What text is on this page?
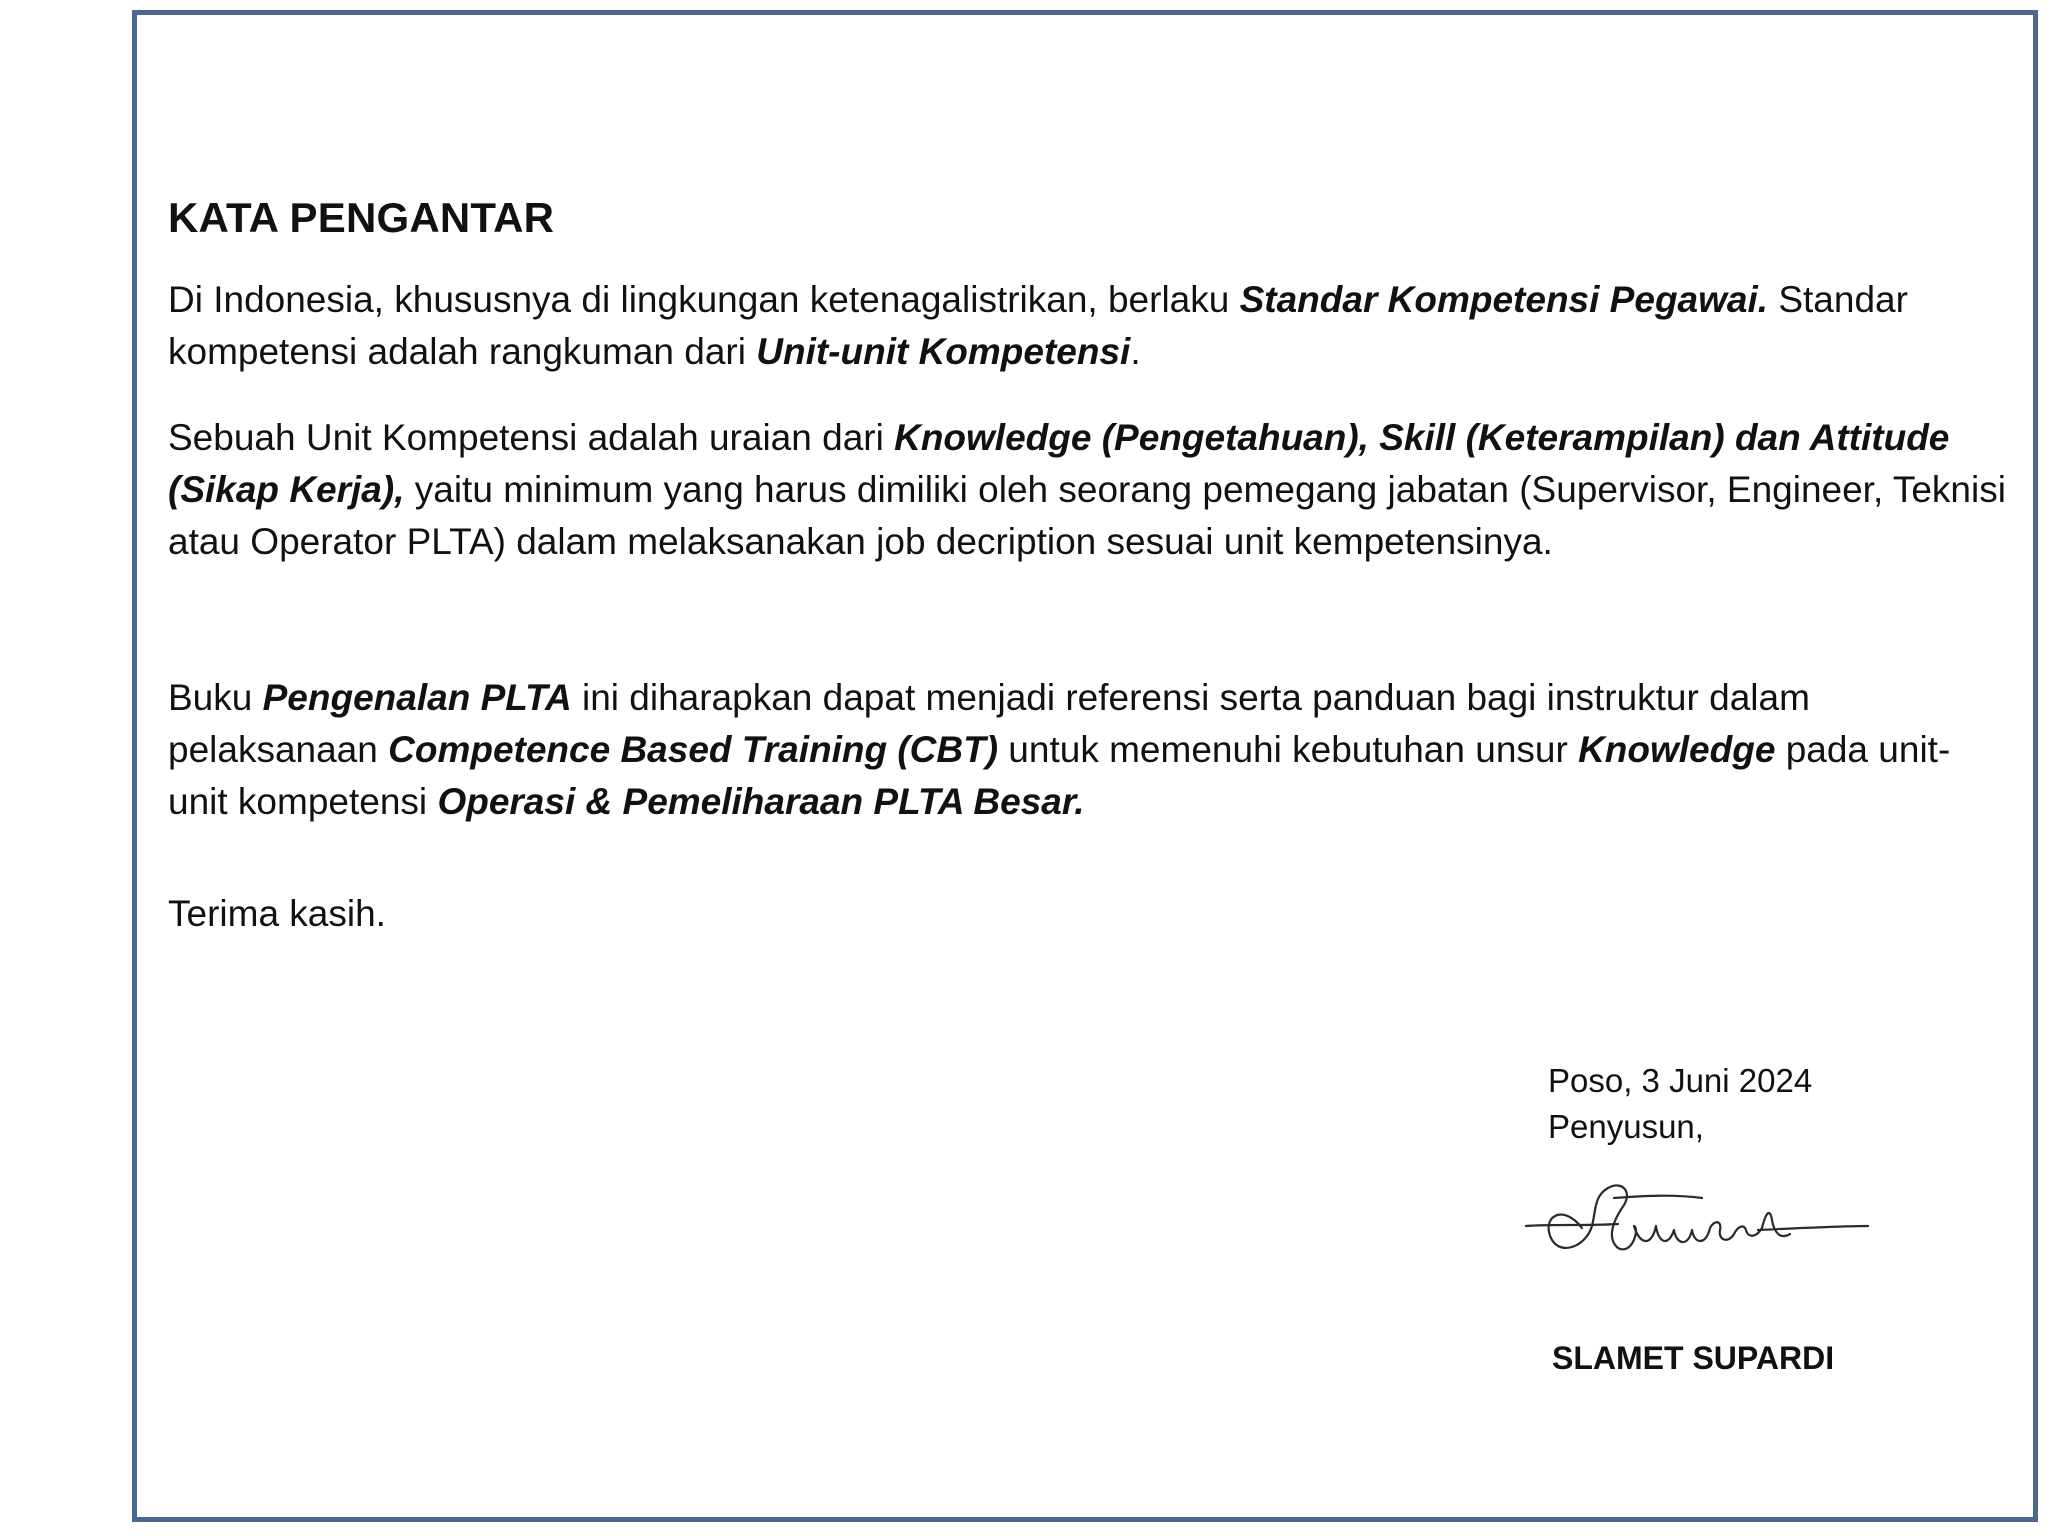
KATA PENGANTAR

Di Indonesia, khususnya di lingkungan ketenagalistrikan, berlaku Standar Kompetensi Pegawai. Standar kompetensi adalah rangkuman dari Unit-unit Kompetensi.

Sebuah Unit Kompetensi adalah uraian dari Knowledge (Pengetahuan), Skill (Keterampilan) dan Attitude (Sikap Kerja), yaitu minimum yang harus dimiliki oleh seorang pemegang jabatan (Supervisor, Engineer, Teknisi atau Operator PLTA) dalam melaksanakan job decription sesuai unit kempetensinya.

Buku Pengenalan PLTA ini diharapkan dapat menjadi referensi serta panduan bagi instruktur dalam pelaksanaan Competence Based Training (CBT) untuk memenuhi kebutuhan unsur Knowledge pada unit-unit kompetensi Operasi & Pemeliharaan PLTA Besar.

Terima kasih.

Poso, 3 Juni 2024

Penyusun,

SLAMET SUPARDI
